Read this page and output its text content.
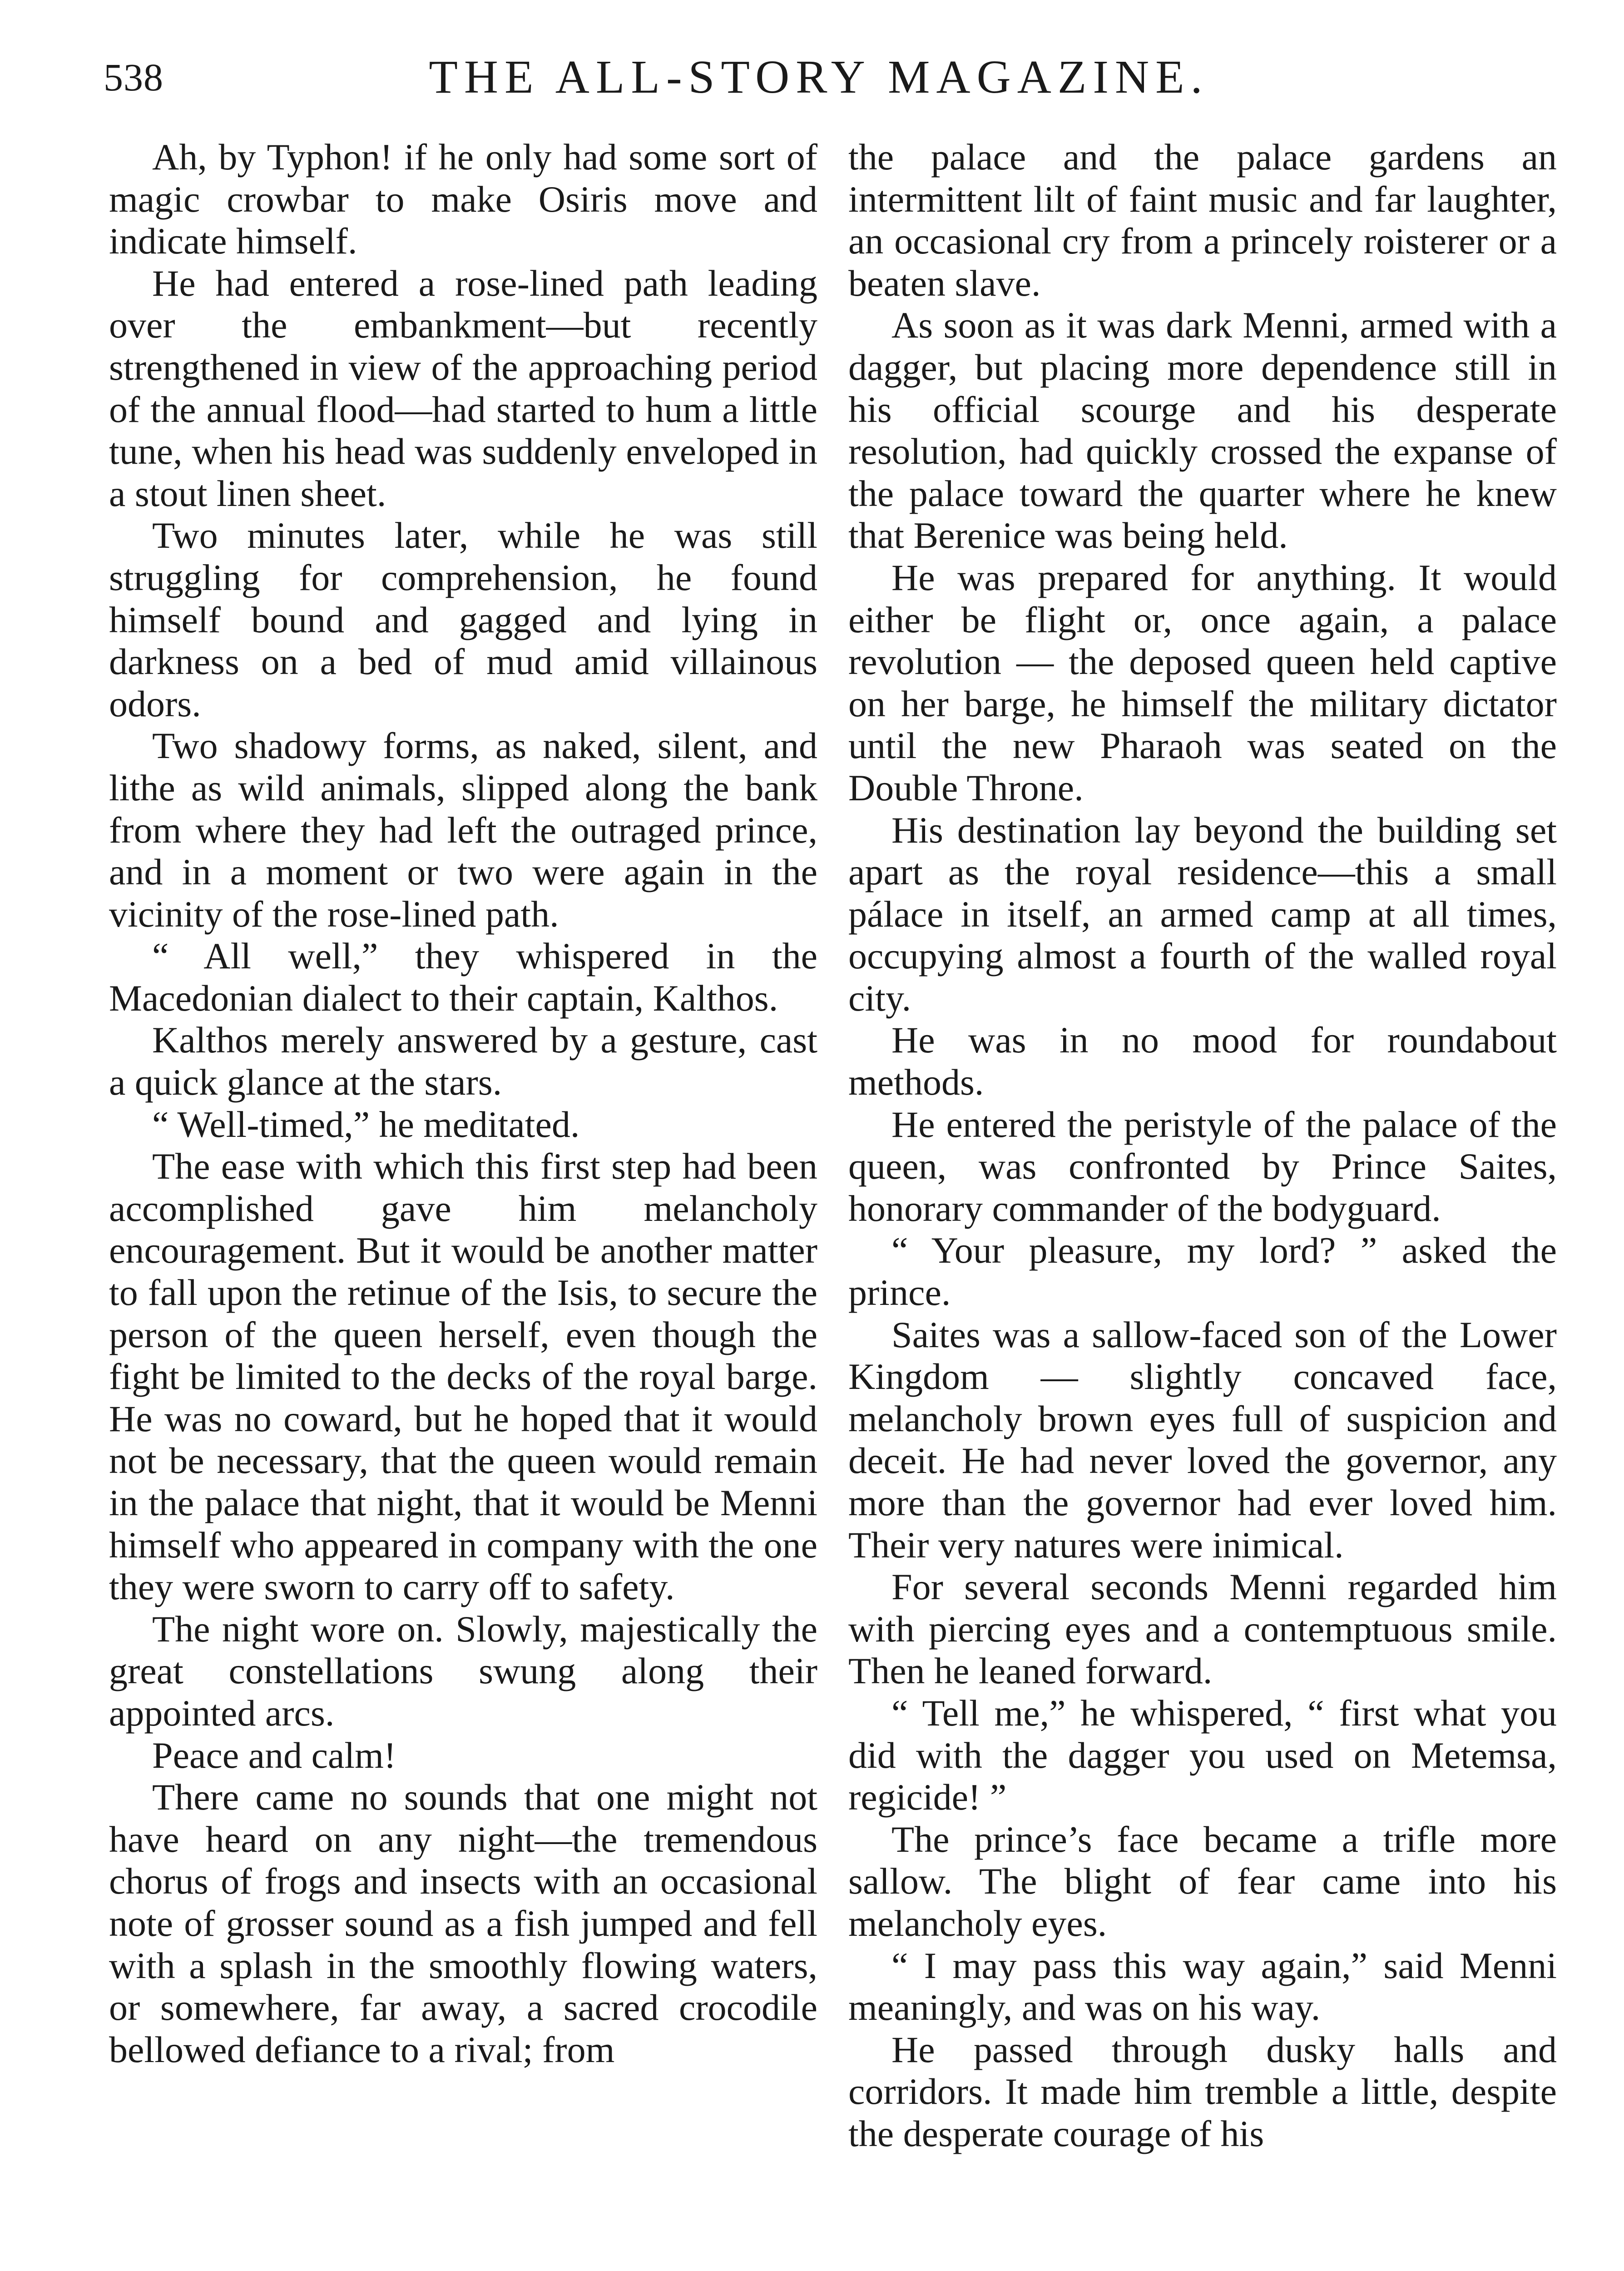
538	THE ALL-STORY MAGAZINE.

Ah, by Typhon! if he only had some sort of magic crowbar to make Osiris move and indicate himself.

He had entered a rose-lined path leading over the embankment—but recently strengthened in view of the approaching period of the annual flood—had started to hum a little tune, when his head was suddenly enveloped in a stout linen sheet.

Two minutes later, while he was still struggling for comprehension, he found himself bound and gagged and lying in darkness on a bed of mud amid villainous odors.

Two shadowy forms, as naked, silent, and lithe as wild animals, slipped along the bank from where they had left the outraged prince, and in a moment or two were again in the vicinity of the rose-lined path.

“ All well,” they whispered in the Macedonian dialect to their captain, Kalthos.

Kalthos merely answered by a gesture, cast a quick glance at the stars.

“ Well-timed,” he meditated.

The ease with which this first step had been accomplished gave him melancholy encouragement. But it would be another matter to fall upon the retinue of the Isis, to secure the person of the queen herself, even though the fight be limited to the decks of the royal barge. He was no coward, but he hoped that it would not be necessary, that the queen would remain in the palace that night, that it would be Menni himself who appeared in company with the one they were sworn to carry off to safety.

The night wore on. Slowly, majestically the great constellations swung along their appointed arcs.

Peace and calm!

There came no sounds that one might not have heard on any night—the tremendous chorus of frogs and insects with an occasional note of grosser sound as a fish jumped and fell with a splash in the smoothly flowing waters, or somewhere, far away, a sacred crocodile bellowed defiance to a rival; from

the palace and the palace gardens an intermittent lilt of faint music and far laughter, an occasional cry from a princely roisterer or a beaten slave.

As soon as it was dark Menni, armed with a dagger, but placing more dependence still in his official scourge and his desperate resolution, had quickly crossed the expanse of the palace toward the quarter where he knew that Berenice was being held.

He was prepared for anything. It would either be flight or, once again, a palace revolution — the deposed queen held captive on her barge, he himself the military dictator until the new Pharaoh was seated on the Double Throne.

His destination lay beyond the building set apart as the royal residence—this a small pálace in itself, an armed camp at all times, occupying almost a fourth of the walled royal city.

He was in no mood for roundabout methods.

He entered the peristyle of the palace of the queen, was confronted by Prince Saites, honorary commander of the bodyguard.

“ Your pleasure, my lord? ” asked the prince.

Saites was a sallow-faced son of the Lower Kingdom — slightly concaved face, melancholy brown eyes full of suspicion and deceit. He had never loved the governor, any more than the governor had ever loved him. Their very natures were inimical.

For several seconds Menni regarded him with piercing eyes and a contemptuous smile. Then he leaned forward.

“ Tell me,” he whispered, “ first what you did with the dagger you used on Metemsa, regicide! ”

The prince’s face became a trifle more sallow. The blight of fear came into his melancholy eyes.

“ I may pass this way again,” said Menni meaningly, and was on his way.

He passed through dusky halls and corridors. It made him tremble a little, despite the desperate courage of his
